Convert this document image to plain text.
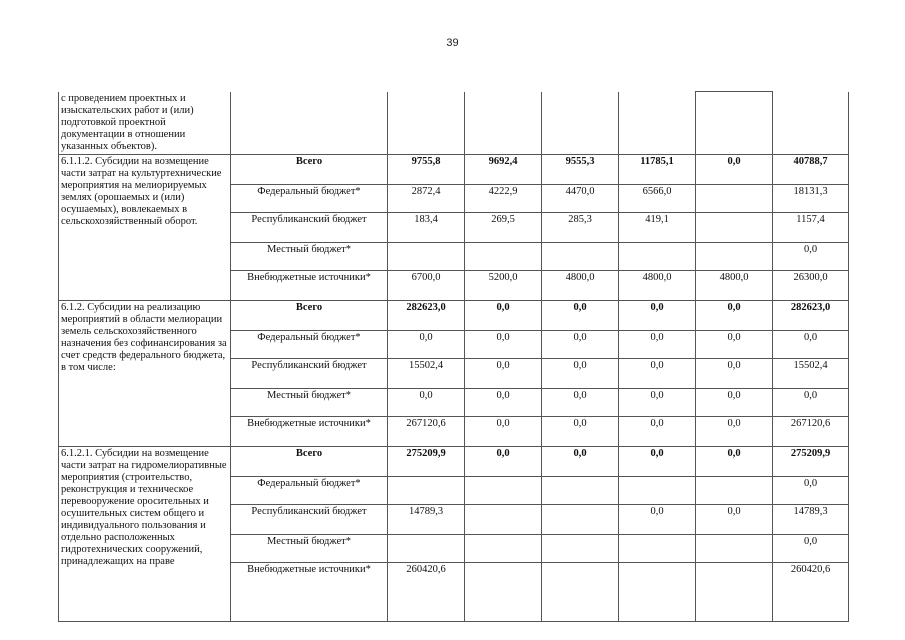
39
с проведением проектных и изыскательских работ и (или) подготовкой проектной документации в отношении указанных объектов).							
6.1.1.2. Субсидии на возмещение части затрат на культуртехнические мероприятия на мелиорируемых землях (орошаемых и (или) осушаемых), вовлекаемых в сельскохозяйственный оборот.	Всего	9755,8	9692,4	9555,3	11785,1	0,0	40788,7
	Федеральный бюджет*	2872,4	4222,9	4470,0	6566,0		18131,3
	Республиканский бюджет	183,4	269,5	285,3	419,1		1157,4
	Местный бюджет*						0,0
	Внебюджетные источники*	6700,0	5200,0	4800,0	4800,0	4800,0	26300,0
6.1.2. Субсидии на реализацию мероприятий в области мелиорации земель сельскохозяйственного назначения без софинансирования за счет средств федерального бюджета, в том числе:	Всего	282623,0	0,0	0,0	0,0	0,0	282623,0
	Федеральный бюджет*	0,0	0,0	0,0	0,0	0,0	0,0
	Республиканский бюджет	15502,4	0,0	0,0	0,0	0,0	15502,4
	Местный бюджет*	0,0	0,0	0,0	0,0	0,0	0,0
	Внебюджетные источники*	267120,6	0,0	0,0	0,0	0,0	267120,6
6.1.2.1. Субсидии на возмещение части затрат на гидромелиоративные мероприятия (строительство, реконструкция и техническое перевооружение оросительных и осушительных систем общего и индивидуального пользования и отдельно расположенных гидротехнических сооружений, принадлежащих на праве	Всего	275209,9	0,0	0,0	0,0	0,0	275209,9
	Федеральный бюджет*						0,0
	Республиканский бюджет	14789,3			0,0	0,0	14789,3
	Местный бюджет*						0,0
	Внебюджетные источники*	260420,6					260420,6
